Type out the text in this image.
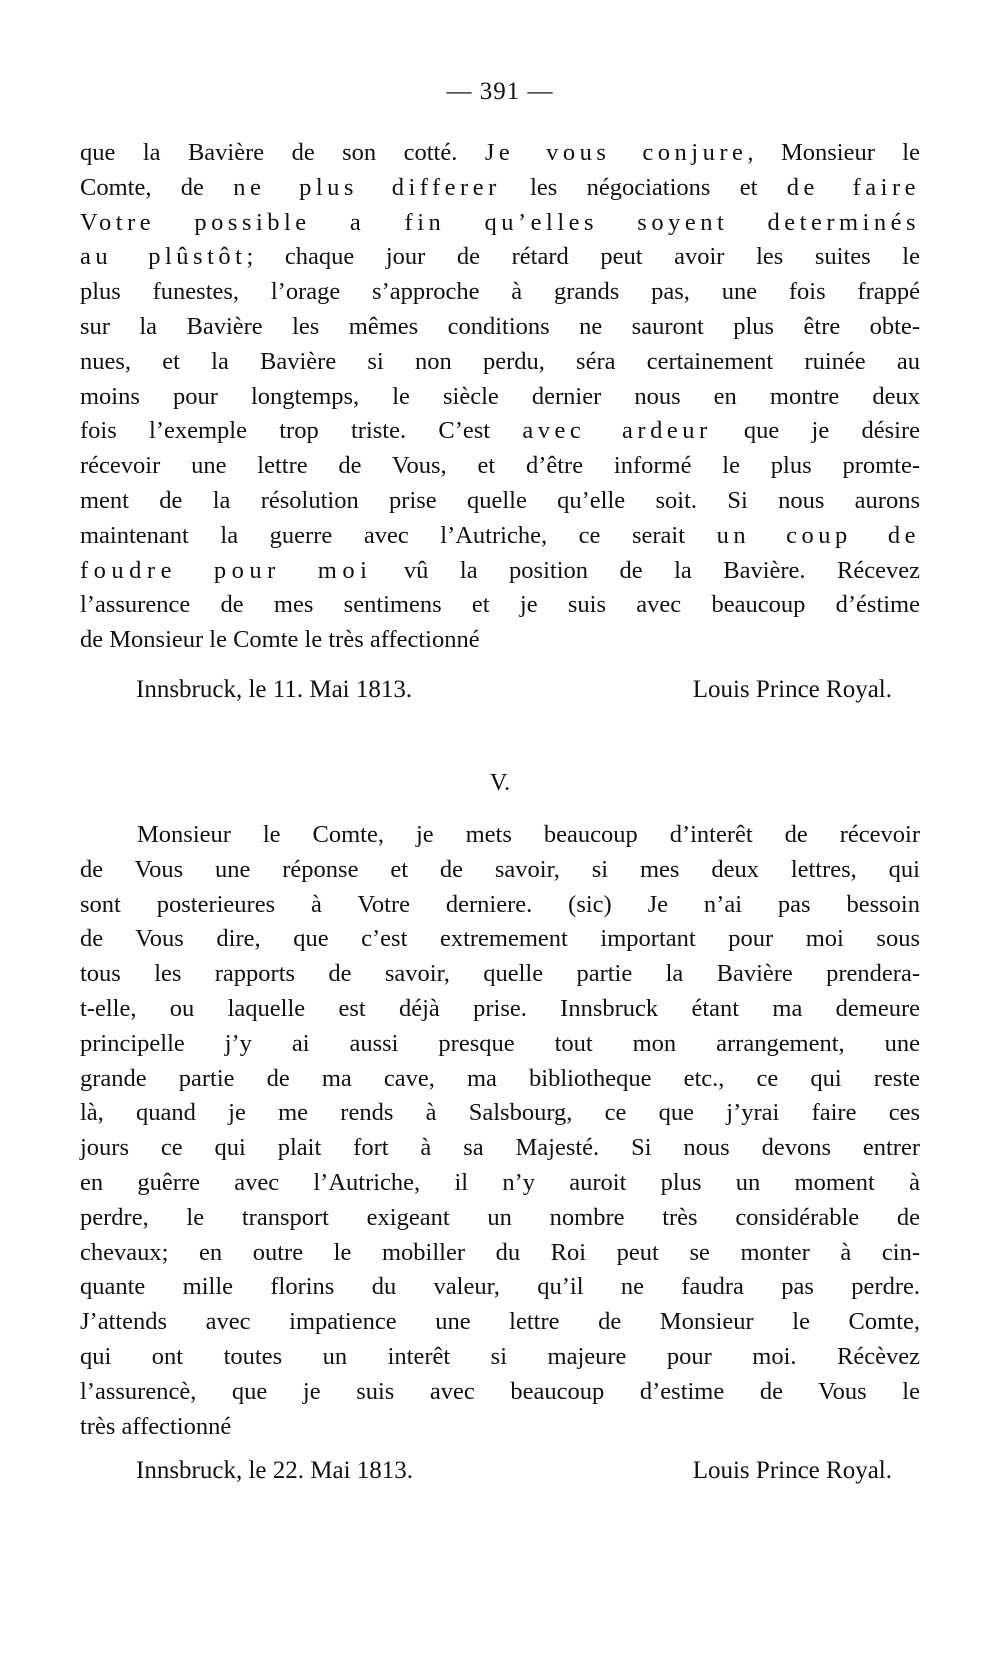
— 391 —
que la Bavière de son cotté. Je vous conjure, Monsieur le
Comte, de ne plus differer les négociations et de faire
Votre possible a fin qu’elles soyent determinés
au plûstôt; chaque jour de rétard peut avoir les suites le
plus funestes, l’orage s’approche à grands pas, une fois frappé
sur la Bavière les mêmes conditions ne sauront plus être obte-
nues, et la Bavière si non perdu, séra certainement ruinée au
moins pour longtemps, le siècle dernier nous en montre deux
fois l’exemple trop triste. C’est avec ardeur que je désire
récevoir une lettre de Vous, et d’être informé le plus promte-
ment de la résolution prise quelle qu’elle soit. Si nous aurons
maintenant la guerre avec l’Autriche, ce serait un coup de
foudre pour moi vû la position de la Bavière. Récevez
l’assurence de mes sentimens et je suis avec beaucoup d’éstime
de Monsieur le Comte le très affectionné
Innsbruck, le 11. Mai 1813.	Louis Prince Royal.
V.
Monsieur le Comte, je mets beaucoup d’interêt de récevoir
de Vous une réponse et de savoir, si mes deux lettres, qui
sont posterieures à Votre derniere. (sic) Je n’ai pas bessoin
de Vous dire, que c’est extremement important pour moi sous
tous les rapports de savoir, quelle partie la Bavière prendera-
t-elle, ou laquelle est déjà prise. Innsbruck étant ma demeure
principelle j’y ai aussi presque tout mon arrangement, une
grande partie de ma cave, ma bibliotheque etc., ce qui reste
là, quand je me rends à Salsbourg, ce que j’yrai faire ces
jours ce qui plait fort à sa Majesté. Si nous devons entrer
en guêrre avec l’Autriche, il n’y auroit plus un moment à
perdre, le transport exigeant un nombre très considérable de
chevaux; en outre le mobiller du Roi peut se monter à cin-
quante mille florins du valeur, qu’il ne faudra pas perdre.
J’attends avec impatience une lettre de Monsieur le Comte,
qui ont toutes un interêt si majeure pour moi. Récèvez
l’assurencè, que je suis avec beaucoup d’estime de Vous le
très affectionné
Innsbruck, le 22. Mai 1813.	Louis Prince Royal.
